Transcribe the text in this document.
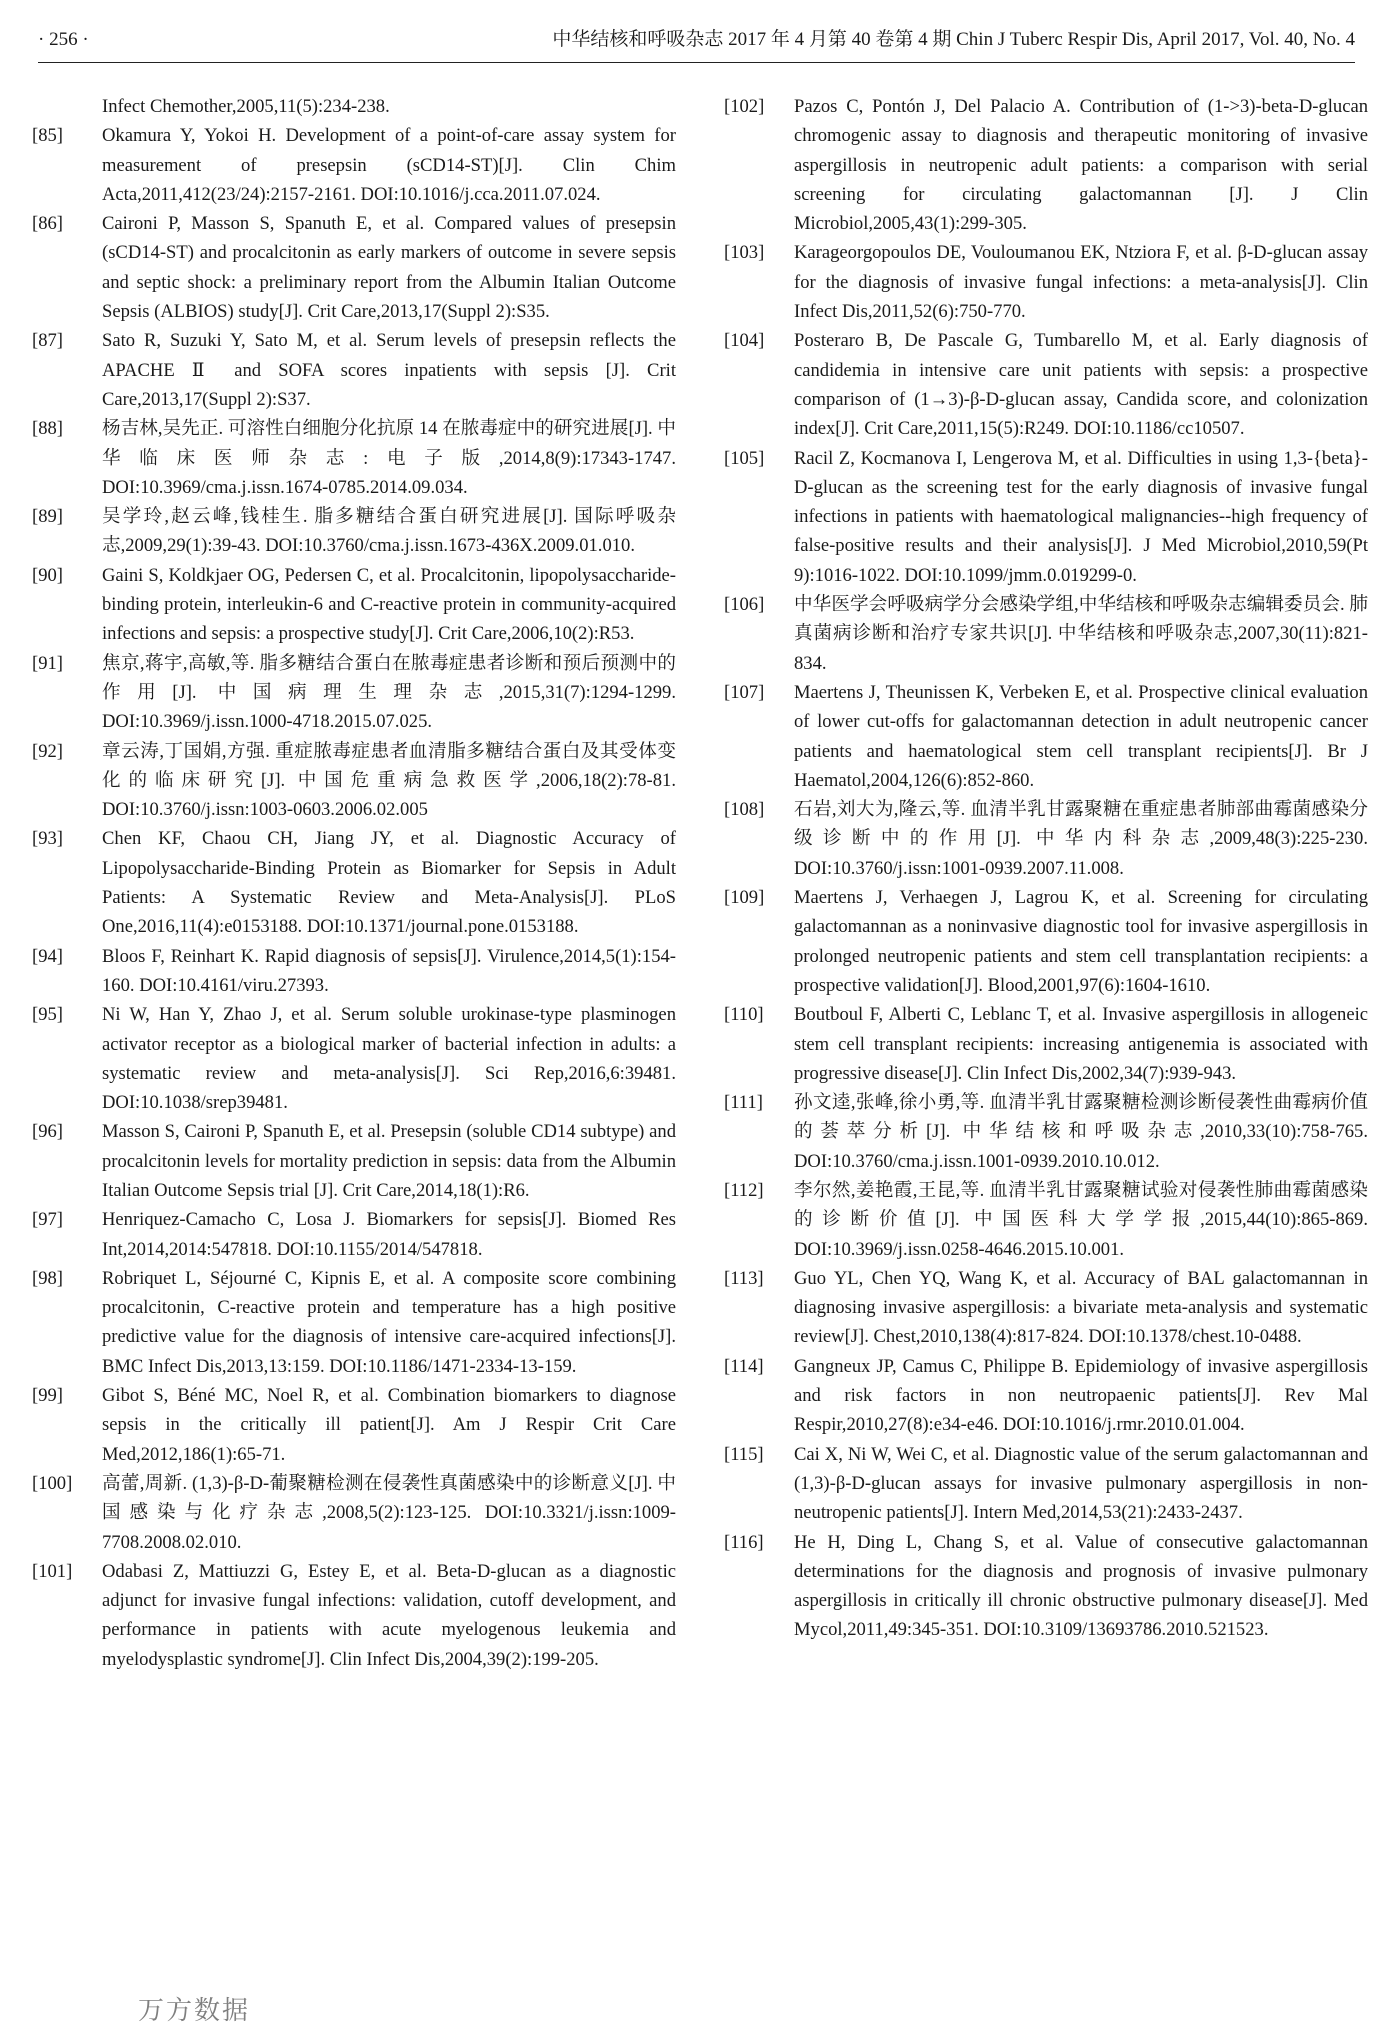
· 256 ·	中华结核和呼吸杂志 2017 年 4 月第 40 卷第 4 期 Chin J Tuberc Respir Dis, April 2017, Vol. 40, No. 4

Infect Chemother,2005,11(5):234-238.

[85]	Okamura Y, Yokoi H. Development of a point-of-care assay system for measurement of presepsin (sCD14-ST)[J]. Clin Chim Acta,2011,412(23/24):2157-2161. DOI:10.1016/j.cca.2011.07.024.

[86]	Caironi P, Masson S, Spanuth E, et al. Compared values of presepsin (sCD14-ST) and procalcitonin as early markers of outcome in severe sepsis and septic shock: a preliminary report from the Albumin Italian Outcome Sepsis (ALBIOS) study[J]. Crit Care,2013,17(Suppl 2):S35.

[87]	Sato R, Suzuki Y, Sato M, et al. Serum levels of presepsin reflects the APACHE Ⅱ and SOFA scores inpatients with sepsis [J]. Crit Care,2013,17(Suppl 2):S37.

[88]	杨吉林,吴先正. 可溶性白细胞分化抗原 14 在脓毒症中的研究进展[J]. 中华临床医师杂志:电子版,2014,8(9):17343-1747. DOI:10.3969/cma.j.issn.1674-0785.2014.09.034.

[89]	吴学玲,赵云峰,钱桂生. 脂多糖结合蛋白研究进展[J]. 国际呼吸杂志,2009,29(1):39-43. DOI:10.3760/cma.j.issn.1673-436X.2009.01.010.

[90]	Gaini S, Koldkjaer OG, Pedersen C, et al. Procalcitonin, lipopolysaccharide-binding protein, interleukin-6 and C-reactive protein in community-acquired infections and sepsis: a prospective study[J]. Crit Care,2006,10(2):R53.

[91]	焦京,蒋宇,高敏,等. 脂多糖结合蛋白在脓毒症患者诊断和预后预测中的作用[J]. 中国病理生理杂志,2015,31(7):1294-1299. DOI:10.3969/j.issn.1000-4718.2015.07.025.

[92]	章云涛,丁国娟,方强. 重症脓毒症患者血清脂多糖结合蛋白及其受体变化的临床研究[J]. 中国危重病急救医学,2006,18(2):78-81. DOI:10.3760/j.issn:1003-0603.2006.02.005

[93]	Chen KF, Chaou CH, Jiang JY, et al. Diagnostic Accuracy of Lipopolysaccharide-Binding Protein as Biomarker for Sepsis in Adult Patients: A Systematic Review and Meta-Analysis[J]. PLoS One,2016,11(4):e0153188. DOI:10.1371/journal.pone.0153188.

[94]	Bloos F, Reinhart K. Rapid diagnosis of sepsis[J]. Virulence,2014,5(1):154-160. DOI:10.4161/viru.27393.

[95]	Ni W, Han Y, Zhao J, et al. Serum soluble urokinase-type plasminogen activator receptor as a biological marker of bacterial infection in adults: a systematic review and meta-analysis[J]. Sci Rep,2016,6:39481. DOI:10.1038/srep39481.

[96]	Masson S, Caironi P, Spanuth E, et al. Presepsin (soluble CD14 subtype) and procalcitonin levels for mortality prediction in sepsis: data from the Albumin Italian Outcome Sepsis trial [J]. Crit Care,2014,18(1):R6.

[97]	Henriquez-Camacho C, Losa J. Biomarkers for sepsis[J]. Biomed Res Int,2014,2014:547818. DOI:10.1155/2014/547818.

[98]	Robriquet L, Séjourné C, Kipnis E, et al. A composite score combining procalcitonin, C-reactive protein and temperature has a high positive predictive value for the diagnosis of intensive care-acquired infections[J]. BMC Infect Dis,2013,13:159. DOI:10.1186/1471-2334-13-159.

[99]	Gibot S, Béné MC, Noel R, et al. Combination biomarkers to diagnose sepsis in the critically ill patient[J]. Am J Respir Crit Care Med,2012,186(1):65-71.

[100]	高蕾,周新. (1,3)-β-D-葡聚糖检测在侵袭性真菌感染中的诊断意义[J]. 中国感染与化疗杂志,2008,5(2):123-125. DOI:10.3321/j.issn:1009-7708.2008.02.010.

[101]	Odabasi Z, Mattiuzzi G, Estey E, et al. Beta-D-glucan as a diagnostic adjunct for invasive fungal infections: validation, cutoff development, and performance in patients with acute myelogenous leukemia and myelodysplastic syndrome[J]. Clin Infect Dis,2004,39(2):199-205.

[102]	Pazos C, Pontón J, Del Palacio A. Contribution of (1->3)-beta-D-glucan chromogenic assay to diagnosis and therapeutic monitoring of invasive aspergillosis in neutropenic adult patients: a comparison with serial screening for circulating galactomannan [J]. J Clin Microbiol,2005,43(1):299-305.

[103]	Karageorgopoulos DE, Vouloumanou EK, Ntziora F, et al. β-D-glucan assay for the diagnosis of invasive fungal infections: a meta-analysis[J]. Clin Infect Dis,2011,52(6):750-770.

[104]	Posteraro B, De Pascale G, Tumbarello M, et al. Early diagnosis of candidemia in intensive care unit patients with sepsis: a prospective comparison of (1→3)-β-D-glucan assay, Candida score, and colonization index[J]. Crit Care,2011,15(5):R249. DOI:10.1186/cc10507.

[105]	Racil Z, Kocmanova I, Lengerova M, et al. Difficulties in using 1,3-{beta}-D-glucan as the screening test for the early diagnosis of invasive fungal infections in patients with haematological malignancies--high frequency of false-positive results and their analysis[J]. J Med Microbiol,2010,59(Pt 9):1016-1022. DOI:10.1099/jmm.0.019299-0.

[106]	中华医学会呼吸病学分会感染学组,中华结核和呼吸杂志编辑委员会. 肺真菌病诊断和治疗专家共识[J]. 中华结核和呼吸杂志,2007,30(11):821-834.

[107]	Maertens J, Theunissen K, Verbeken E, et al. Prospective clinical evaluation of lower cut-offs for galactomannan detection in adult neutropenic cancer patients and haematological stem cell transplant recipients[J]. Br J Haematol,2004,126(6):852-860.

[108]	石岩,刘大为,隆云,等. 血清半乳甘露聚糖在重症患者肺部曲霉菌感染分级诊断中的作用[J]. 中华内科杂志,2009,48(3):225-230. DOI:10.3760/j.issn:1001-0939.2007.11.008.

[109]	Maertens J, Verhaegen J, Lagrou K, et al. Screening for circulating galactomannan as a noninvasive diagnostic tool for invasive aspergillosis in prolonged neutropenic patients and stem cell transplantation recipients: a prospective validation[J]. Blood,2001,97(6):1604-1610.

[110]	Boutboul F, Alberti C, Leblanc T, et al. Invasive aspergillosis in allogeneic stem cell transplant recipients: increasing antigenemia is associated with progressive disease[J]. Clin Infect Dis,2002,34(7):939-943.

[111]	孙文逵,张峰,徐小勇,等. 血清半乳甘露聚糖检测诊断侵袭性曲霉病价值的荟萃分析[J]. 中华结核和呼吸杂志,2010,33(10):758-765. DOI:10.3760/cma.j.issn.1001-0939.2010.10.012.

[112]	李尔然,姜艳霞,王昆,等. 血清半乳甘露聚糖试验对侵袭性肺曲霉菌感染的诊断价值[J]. 中国医科大学学报,2015,44(10):865-869. DOI:10.3969/j.issn.0258-4646.2015.10.001.

[113]	Guo YL, Chen YQ, Wang K, et al. Accuracy of BAL galactomannan in diagnosing invasive aspergillosis: a bivariate meta-analysis and systematic review[J]. Chest,2010,138(4):817-824. DOI:10.1378/chest.10-0488.

[114]	Gangneux JP, Camus C, Philippe B. Epidemiology of invasive aspergillosis and risk factors in non neutropaenic patients[J]. Rev Mal Respir,2010,27(8):e34-e46. DOI:10.1016/j.rmr.2010.01.004.

[115]	Cai X, Ni W, Wei C, et al. Diagnostic value of the serum galactomannan and (1,3)-β-D-glucan assays for invasive pulmonary aspergillosis in non-neutropenic patients[J]. Intern Med,2014,53(21):2433-2437.

[116]	He H, Ding L, Chang S, et al. Value of consecutive galactomannan determinations for the diagnosis and prognosis of invasive pulmonary aspergillosis in critically ill chronic obstructive pulmonary disease[J]. Med Mycol,2011,49:345-351. DOI:10.3109/13693786.2010.521523.

万方数据
